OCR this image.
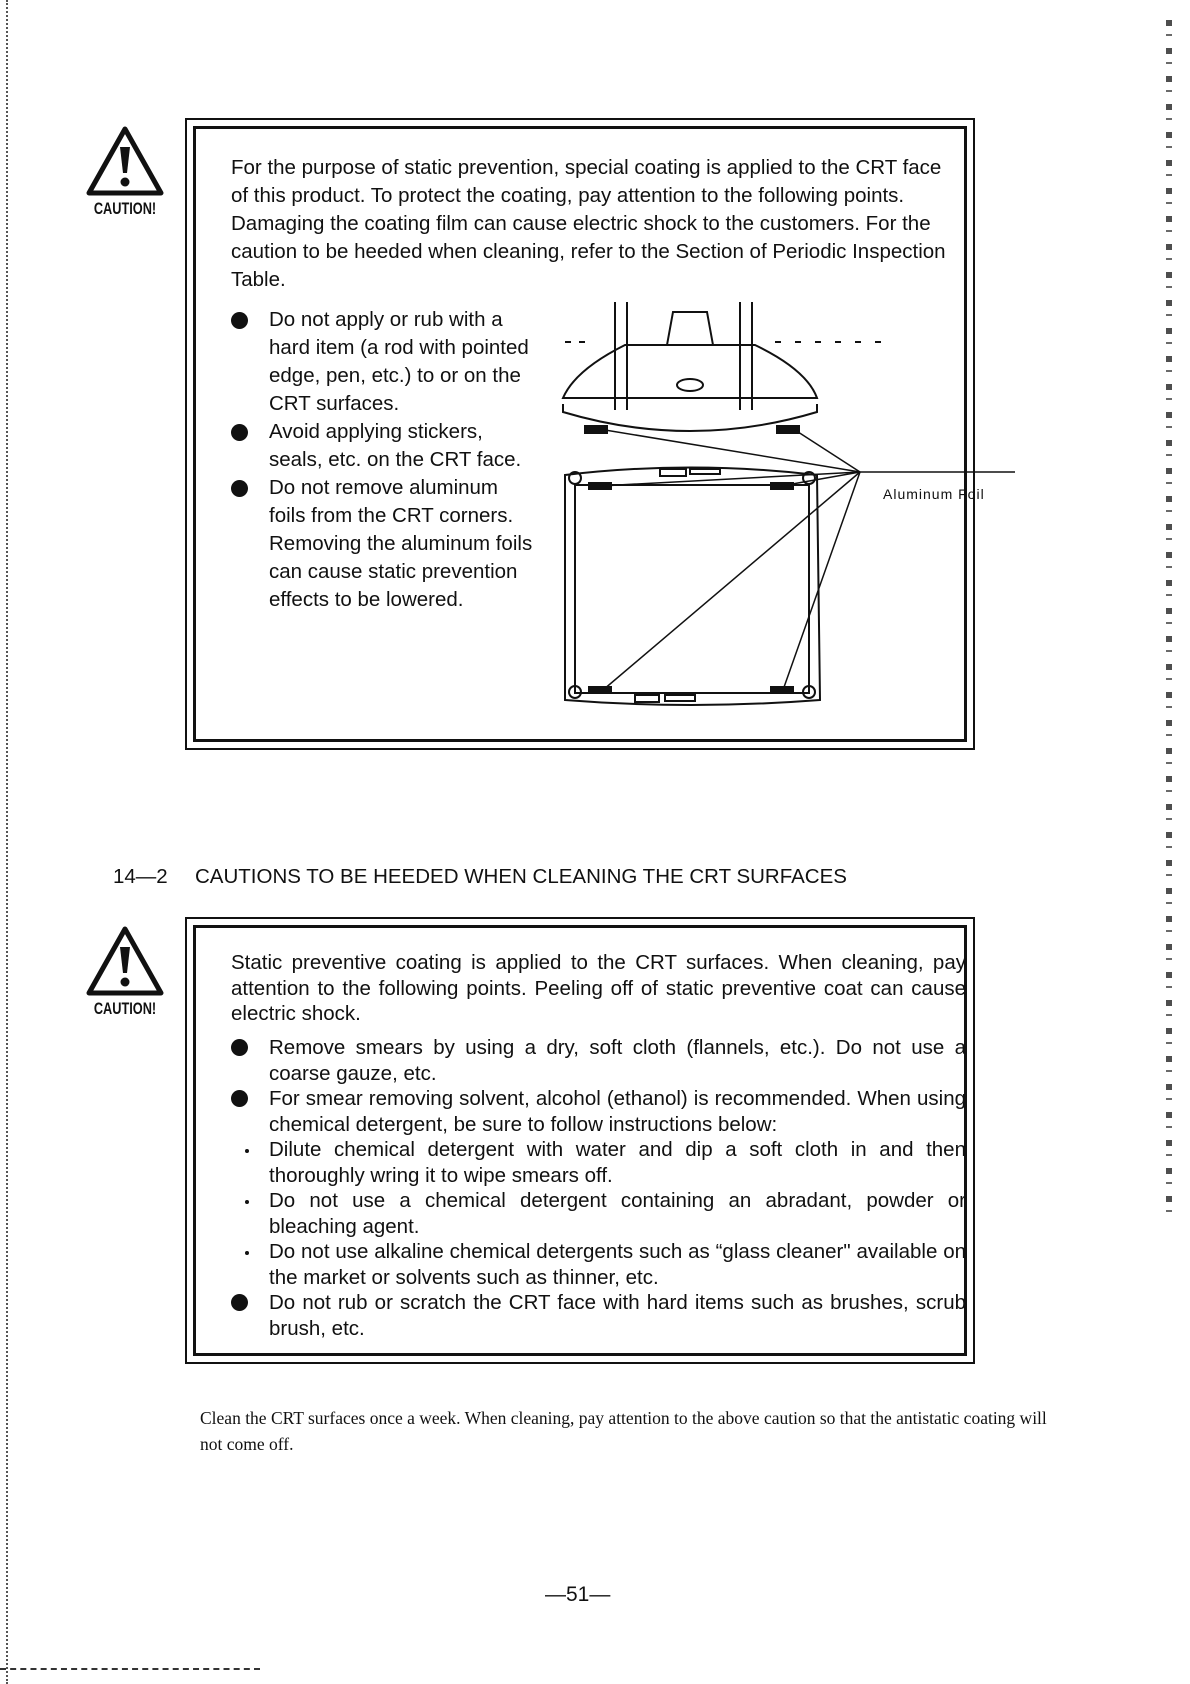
CAUTION!
For the purpose of static prevention, special coating is applied to the CRT face of this product. To protect the coating, pay attention to the following points. Damaging the coating film can cause electric shock to the customers. For the caution to be heeded when cleaning, refer to the Section of Periodic Inspection Table.
Do not apply or rub with a hard item (a rod with pointed edge, pen, etc.) to or on the CRT surfaces.
Avoid applying stickers, seals, etc. on the CRT face.
Do not remove aluminum foils from the CRT corners. Removing the aluminum foils can cause static prevention effects to be lowered.
Aluminum Foil
14—2 CAUTIONS TO BE HEEDED WHEN CLEANING THE CRT SURFACES
CAUTION!
Static preventive coating is applied to the CRT surfaces. When cleaning, pay attention to the following points. Peeling off of static preventive coat can cause electric shock.
Remove smears by using a dry, soft cloth (flannels, etc.). Do not use a coarse gauze, etc.
For smear removing solvent, alcohol (ethanol) is recommended. When using chemical detergent, be sure to follow instructions below:
Dilute chemical detergent with water and dip a soft cloth in and then thoroughly wring it to wipe smears off.
Do not use a chemical detergent containing an abradant, powder or bleaching agent.
Do not use alkaline chemical detergents such as “glass cleaner" available on the market or solvents such as thinner, etc.
Do not rub or scratch the CRT face with hard items such as brushes, scrub brush, etc.
Clean the CRT surfaces once a week. When cleaning, pay attention to the above caution so that the antistatic coating will not come off.
—51—
